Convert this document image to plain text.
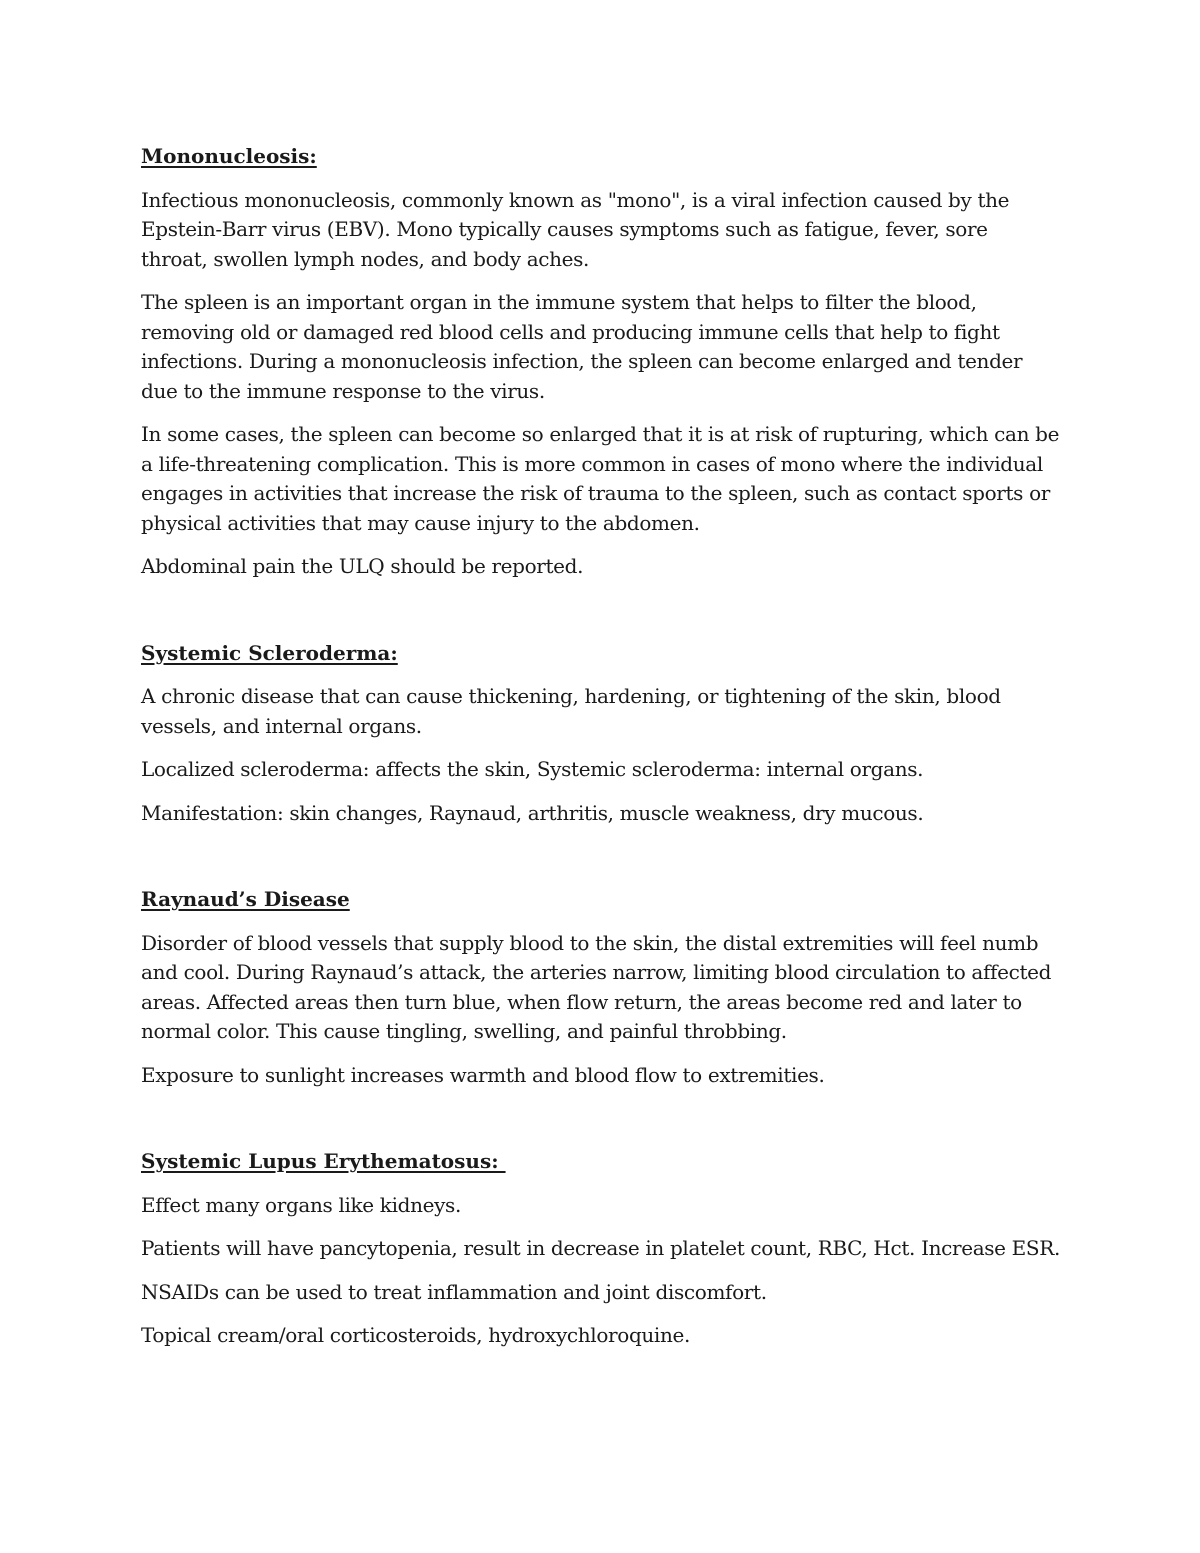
Mononucleosis:

Infectious mononucleosis, commonly known as "mono", is a viral infection caused by the Epstein-Barr virus (EBV). Mono typically causes symptoms such as fatigue, fever, sore throat, swollen lymph nodes, and body aches.

The spleen is an important organ in the immune system that helps to filter the blood, removing old or damaged red blood cells and producing immune cells that help to fight infections. During a mononucleosis infection, the spleen can become enlarged and tender due to the immune response to the virus.

In some cases, the spleen can become so enlarged that it is at risk of rupturing, which can be a life-threatening complication. This is more common in cases of mono where the individual engages in activities that increase the risk of trauma to the spleen, such as contact sports or physical activities that may cause injury to the abdomen.

Abdominal pain the ULQ should be reported.

Systemic Scleroderma:

A chronic disease that can cause thickening, hardening, or tightening of the skin, blood vessels, and internal organs.

Localized scleroderma: affects the skin, Systemic scleroderma: internal organs.

Manifestation: skin changes, Raynaud, arthritis, muscle weakness, dry mucous.

Raynaud’s Disease

Disorder of blood vessels that supply blood to the skin, the distal extremities will feel numb and cool. During Raynaud’s attack, the arteries narrow, limiting blood circulation to affected areas. Affected areas then turn blue, when flow return, the areas become red and later to normal color. This cause tingling, swelling, and painful throbbing.

Exposure to sunlight increases warmth and blood flow to extremities.

Systemic Lupus Erythematosus:

Effect many organs like kidneys.

Patients will have pancytopenia, result in decrease in platelet count, RBC, Hct. Increase ESR.

NSAIDs can be used to treat inflammation and joint discomfort.

Topical cream/oral corticosteroids, hydroxychloroquine.
